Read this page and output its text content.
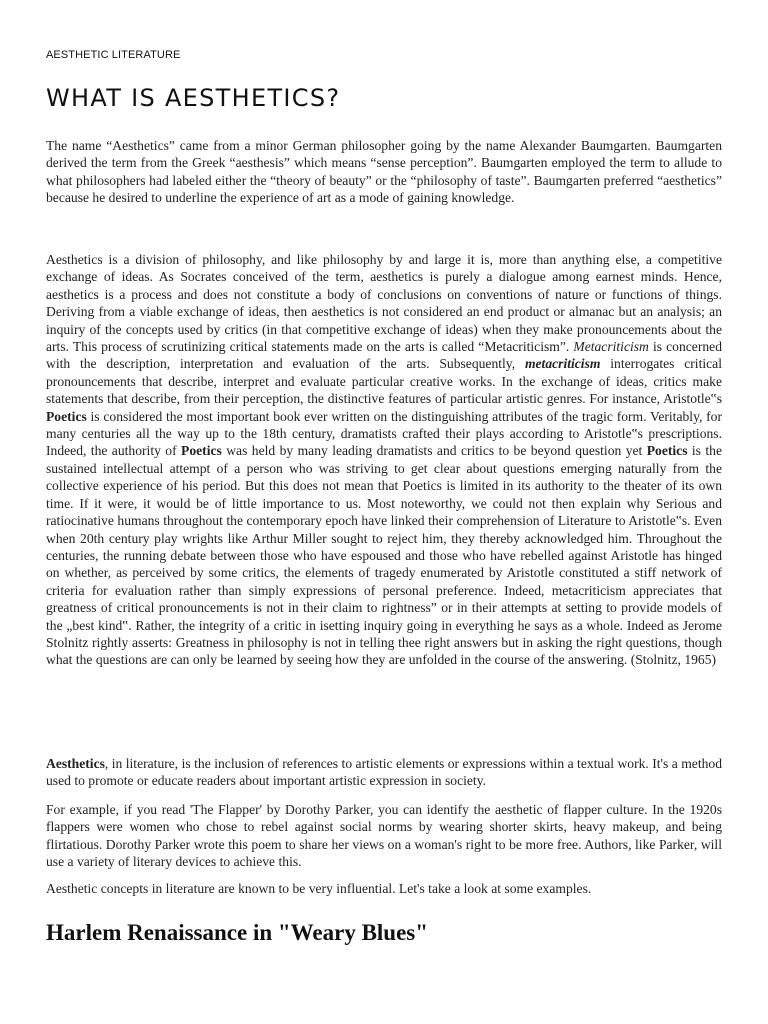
AESTHETIC LITERATURE
WHAT IS AESTHETICS?

The name “Aesthetics” came from a minor German philosopher going by the name Alexander Baumgarten. Baumgarten derived the term from the Greek “aesthesis” which means “sense perception”. Baumgarten employed the term to allude to what philosophers had labeled either the “theory of beauty” or the “philosophy of taste”. Baumgarten preferred “aesthetics” because he desired to underline the experience of art as a mode of gaining knowledge.

Aesthetics is a division of philosophy, and like philosophy by and large it is, more than anything else, a competitive exchange of ideas. As Socrates conceived of the term, aesthetics is purely a dialogue among earnest minds. Hence, aesthetics is a process and does not constitute a body of conclusions on conventions of nature or functions of things. Deriving from a viable exchange of ideas, then aesthetics is not considered an end product or almanac but an analysis; an inquiry of the concepts used by critics (in that competitive exchange of ideas) when they make pronouncements about the arts. This process of scrutinizing critical statements made on the arts is called “Metacriticism”. Metacriticism is concerned with the description, interpretation and evaluation of the arts. Subsequently, metacriticism interrogates critical pronouncements that describe, interpret and evaluate particular creative works. In the exchange of ideas, critics make statements that describe, from their perception, the distinctive features of particular artistic genres. For instance, Aristotle‟s Poetics is considered the most important book ever written on the distinguishing attributes of the tragic form. Veritably, for many centuries all the way up to the 18th century, dramatists crafted their plays according to Aristotle‟s prescriptions. Indeed, the authority of Poetics was held by many leading dramatists and critics to be beyond question yet Poetics is the sustained intellectual attempt of a person who was striving to get clear about questions emerging naturally from the collective experience of his period. But this does not mean that Poetics is limited in its authority to the theater of its own time. If it were, it would be of little importance to us. Most noteworthy, we could not then explain why Serious and ratiocinative humans throughout the contemporary epoch have linked their comprehension of Literature to Aristotle‟s. Even when 20th century play wrights like Arthur Miller sought to reject him, they thereby acknowledged him. Throughout the centuries, the running debate between those who have espoused and those who have rebelled against Aristotle has hinged on whether, as perceived by some critics, the elements of tragedy enumerated by Aristotle constituted a stiff network of criteria for evaluation rather than simply expressions of personal preference. Indeed, metacriticism appreciates that greatness of critical pronouncements is not in their claim to rightness” or in their attempts at setting to provide models of the „best kind‟. Rather, the integrity of a critic in isetting inquiry going in everything he says as a whole. Indeed as Jerome Stolnitz rightly asserts: Greatness in philosophy is not in telling thee right answers but in asking the right questions, though what the questions are can only be learned by seeing how they are unfolded in the course of the answering. (Stolnitz, 1965)

Aesthetics, in literature, is the inclusion of references to artistic elements or expressions within a textual work. It's a method used to promote or educate readers about important artistic expression in society.

For example, if you read 'The Flapper' by Dorothy Parker, you can identify the aesthetic of flapper culture. In the 1920s flappers were women who chose to rebel against social norms by wearing shorter skirts, heavy makeup, and being flirtatious. Dorothy Parker wrote this poem to share her views on a woman's right to be more free. Authors, like Parker, will use a variety of literary devices to achieve this.

Aesthetic concepts in literature are known to be very influential. Let's take a look at some examples.

Harlem Renaissance in "Weary Blues"
